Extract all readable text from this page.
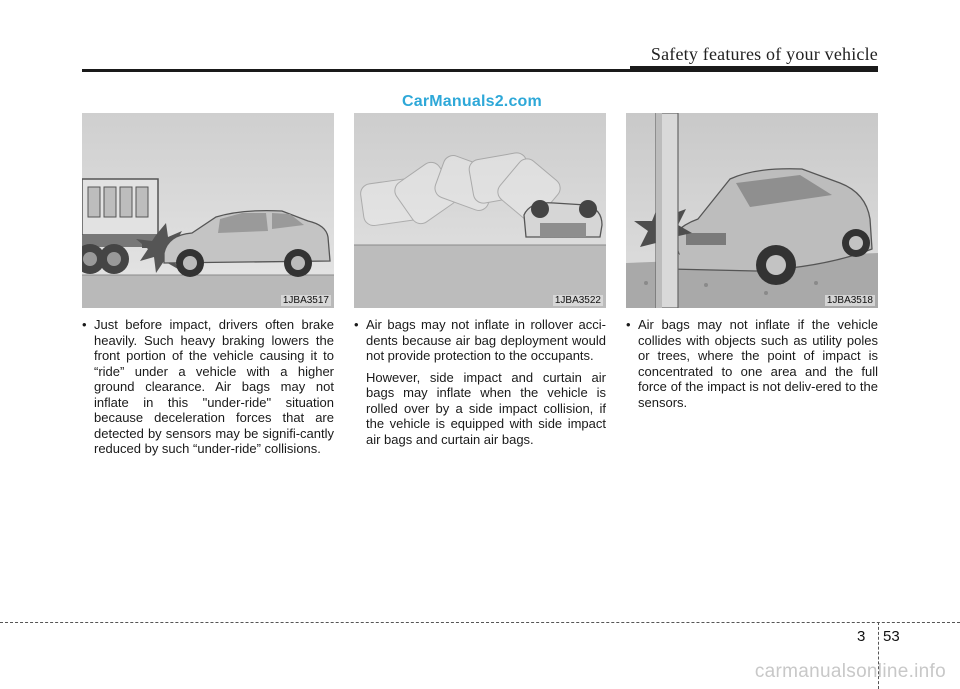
Safety features of your vehicle
CarManuals2.com
1JBA3517	1JBA3522	1JBA3518

• Just before impact, drivers often brake heavily. Such heavy braking lowers the front portion of the vehicle causing it to “ride” under a vehicle with a higher ground clearance. Air bags may not inflate in this "under-ride" situation because deceleration forces that are detected by sensors may be signifi-cantly reduced by such “under-ride” collisions.

• Air bags may not inflate in rollover acci-dents because air bag deployment would not provide protection to the occupants.

However, side impact and curtain air bags may inflate when the vehicle is rolled over by a side impact collision, if the vehicle is equipped with side impact air bags and curtain air bags.

• Air bags may not inflate if the vehicle collides with objects such as utility poles or trees, where the point of impact is concentrated to one area and the full force of the impact is not deliv-ered to the sensors.

3 53
carmanualsonline.info
